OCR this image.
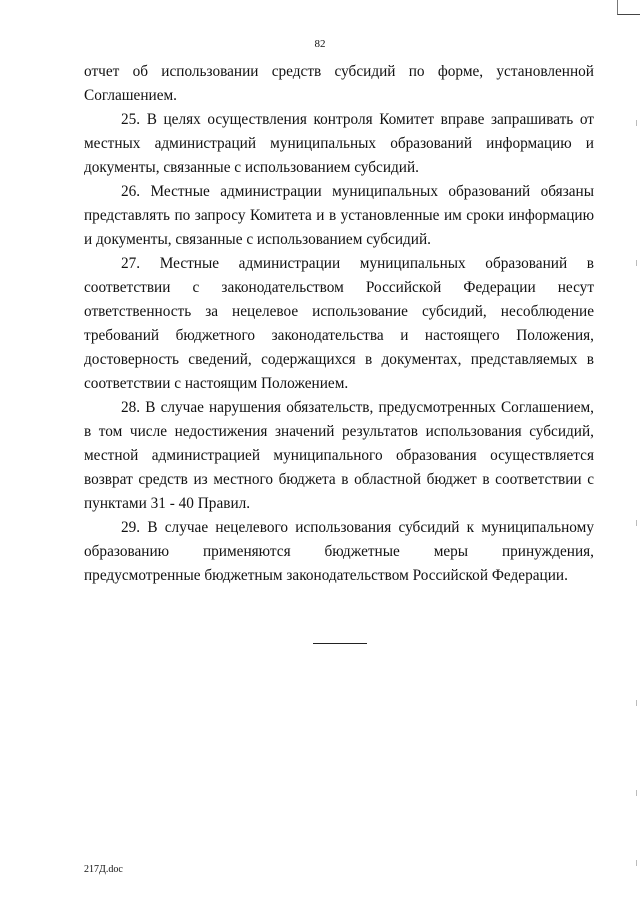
82

отчет об использовании средств субсидий по форме, установленной Соглашением.

25. В целях осуществления контроля Комитет вправе запрашивать от местных администраций муниципальных образований информацию и документы, связанные с использованием субсидий.

26. Местные администрации муниципальных образований обязаны представлять по запросу Комитета и в установленные им сроки информацию и документы, связанные с использованием субсидий.

27. Местные администрации муниципальных образований в соответствии с законодательством Российской Федерации несут ответственность за нецелевое использование субсидий, несоблюдение требований бюджетного законодательства и настоящего Положения, достоверность сведений, содержащихся в документах, представляемых в соответствии с настоящим Положением.

28. В случае нарушения обязательств, предусмотренных Соглашением, в том числе недостижения значений результатов использования субсидий, местной администрацией муниципального образования осуществляется возврат средств из местного бюджета в областной бюджет в соответствии с пунктами 31 - 40 Правил.

29. В случае нецелевого использования субсидий к муниципальному образованию применяются бюджетные меры принуждения, предусмотренные бюджетным законодательством Российской Федерации.

217Д.doc
